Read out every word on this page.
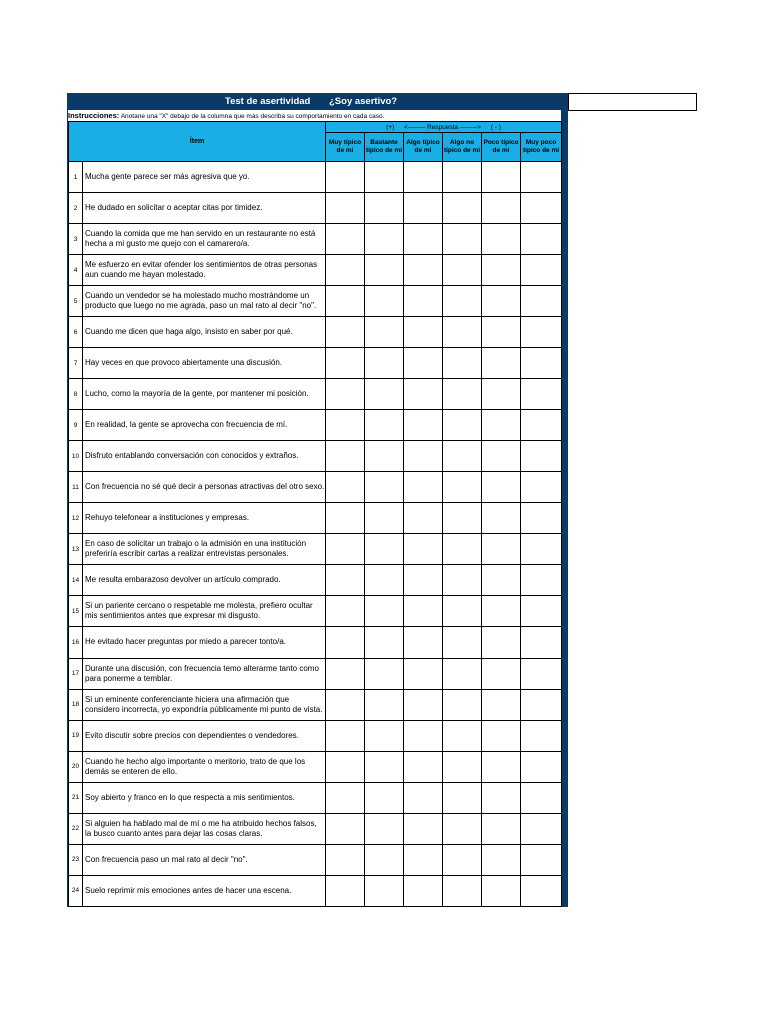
Test de asertividad ¿Soy asertivo?
Instrucciones: Anotane una "X" debajo de la columna que más describa su comportamiento en cada caso.
Ítem		(+) <-------- Respuesta --------> ( - )					
		Muy típico de mi	Bastante típico de mi	Algo típico de mi	Algo no típico de mi	Poco típico de mi	Muy poco típico de mi
1	Mucha gente parece ser más agresiva que yo.						
2	He dudado en solicitar o aceptar citas por timidez.						
3	Cuando la comida que me han servido en un restaurante no está hecha a mi gusto me quejo con el camarero/a.						
4	Me esfuerzo en evitar ofender los sentimientos de otras personas aun cuando me hayan molestado.						
5	Cuando un vendedor se ha molestado mucho mostrándome un producto que luego no me agrada, paso un mal rato al decir "no".						
6	Cuando me dicen que haga algo, insisto en saber por qué.						
7	Hay veces en que provoco abiertamente una discusión.						
8	Lucho, como la mayoría de la gente, por mantener mi posición.						
9	En realidad, la gente se aprovecha con frecuencia de mí.						
10	Disfruto entablando conversación con conocidos y extraños.						
11	Con frecuencia no sé qué decir a personas atractivas del otro sexo.						
12	Rehuyo telefonear a instituciones y empresas.						
13	En caso de solicitar un trabajo o la admisión en una institución preferiría escribir cartas a realizar entrevistas personales.						
14	Me resulta embarazoso devolver un artículo comprado.						
15	Si un pariente cercano o respetable me molesta, prefiero ocultar mis sentimientos antes que expresar mi disgusto.						
16	He evitado hacer preguntas por miedo a parecer tonto/a.						
17	Durante una discusión, con frecuencia temo alterarme tanto como para ponerme a temblar.						
18	Si un eminente conferenciante hiciera una afirmación que considero incorrecta, yo expondría públicamente mi punto de vista.						
19	Evito discutir sobre precios con dependientes o vendedores.						
20	Cuando he hecho algo importante o meritorio, trato de que los demás se enteren de ello.						
21	Soy abierto y franco en lo que respecta a mis sentimientos.						
22	Si alguien ha hablado mal de mí o me ha atribuido hechos falsos, la busco cuanto antes para dejar las cosas claras.						
23	Con frecuencia paso un mal rato al decir "no".						
24	Suelo reprimir mis emociones antes de hacer una escena.						
